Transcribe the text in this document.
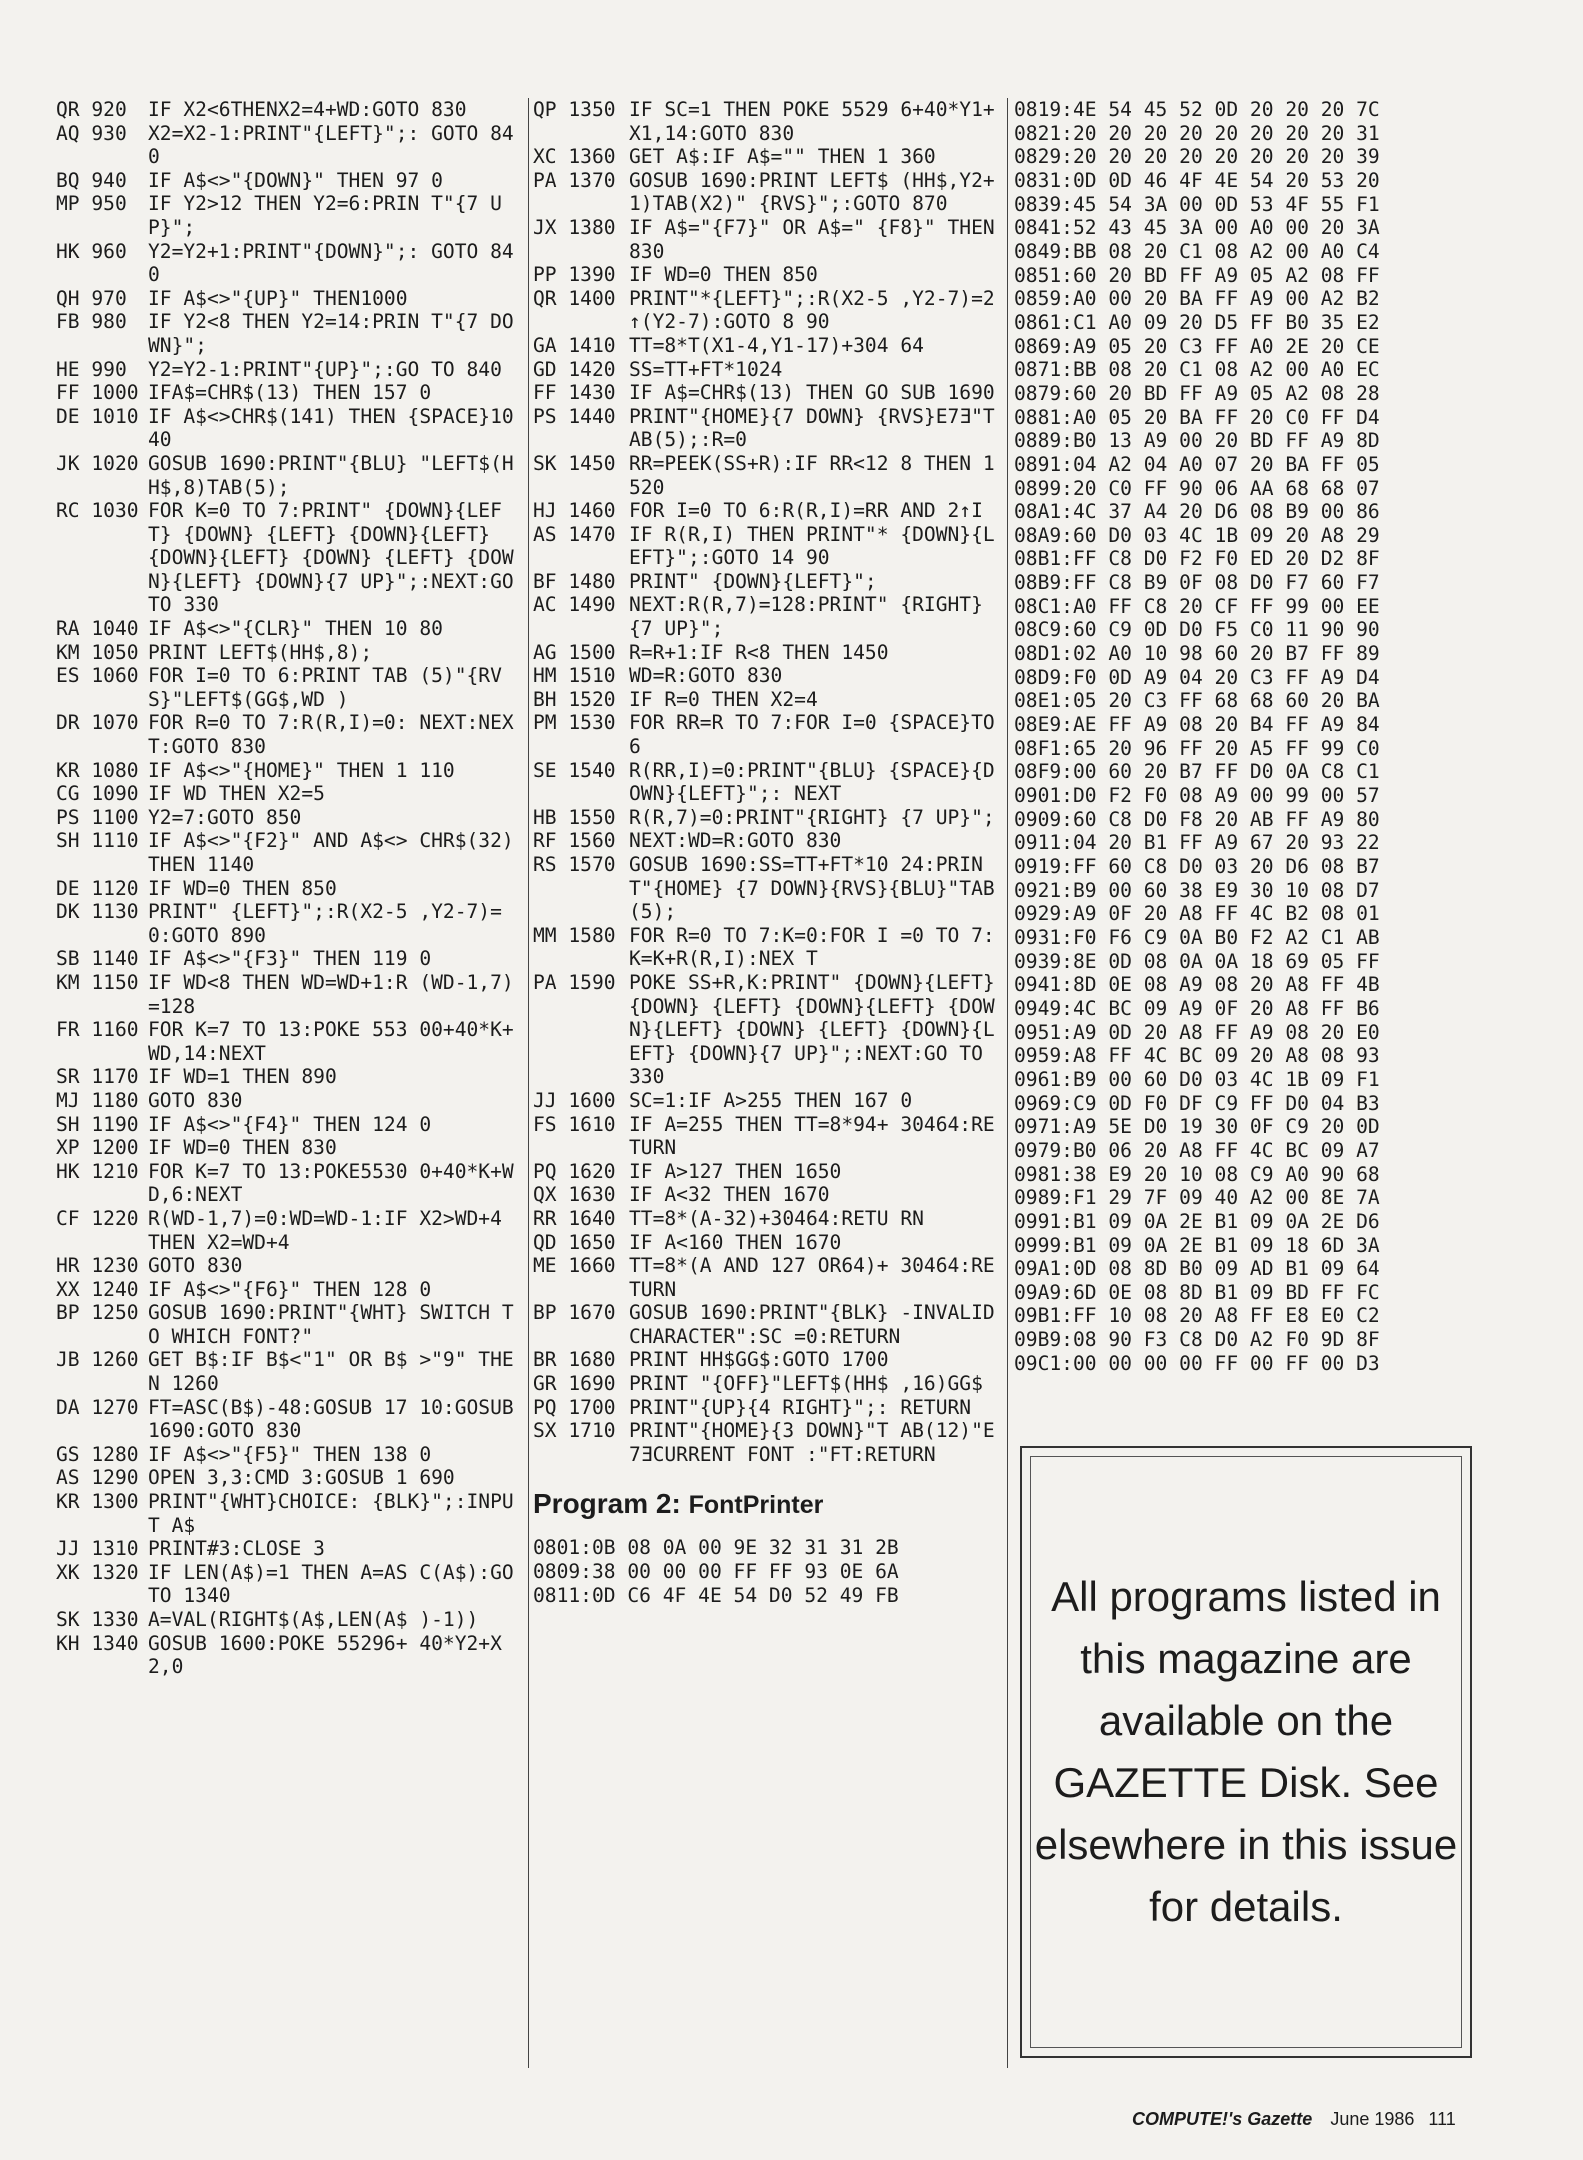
QR 920	IF X2<6THENX2=4+WD:GOTO 830
AQ 930	X2=X2-1:PRINT"{LEFT}";: GOTO 840
BQ 940	IF A$<>"{DOWN}" THEN 97 0
MP 950	IF Y2>12 THEN Y2=6:PRIN T"{7 UP}";
HK 960	Y2=Y2+1:PRINT"{DOWN}";: GOTO 840
QH 970	IF A$<>"{UP}" THEN1000
FB 980	IF Y2<8 THEN Y2=14:PRIN T"{7 DOWN}";
HE 990	Y2=Y2-1:PRINT"{UP}";:GO TO 840
FF 1000 IFA$=CHR$(13) THEN 157 0
DE 1010 IF A$<>CHR$(141) THEN {SPACE}1040
JK 1020 GOSUB 1690:PRINT"{BLU} "LEFT$(HH$,8)TAB(5);
RC 1030 FOR K=0 TO 7:PRINT" {DOWN}{LEFT} {DOWN} {LEFT} {DOWN}{LEFT} {DOWN}{LEFT} {DOWN} {LEFT} {DOWN}{LEFT} {DOWN}{7 UP}";:NEXT:GO TO 330
RA 1040 IF A$<>"{CLR}" THEN 10 80
KM 1050 PRINT LEFT$(HH$,8);
ES 1060 FOR I=0 TO 6:PRINT TAB (5)"{RVS}"LEFT$(GG$,WD )
DR 1070 FOR R=0 TO 7:R(R,I)=0: NEXT:NEXT:GOTO 830
KR 1080 IF A$<>"{HOME}" THEN 1 110
CG 1090 IF WD THEN X2=5
PS 1100 Y2=7:GOTO 850
SH 1110 IF A$<>"{F2}" AND A$<> CHR$(32) THEN 1140
DE 1120 IF WD=0 THEN 850
DK 1130 PRINT" {LEFT}";:R(X2-5 ,Y2-7)=0:GOTO 890
SB 1140 IF A$<>"{F3}" THEN 119 0
KM 1150 IF WD<8 THEN WD=WD+1:R (WD-1,7)=128
FR 1160 FOR K=7 TO 13:POKE 553 00+40*K+WD,14:NEXT
SR 1170 IF WD=1 THEN 890
MJ 1180 GOTO 830
SH 1190 IF A$<>"{F4}" THEN 124 0
XP 1200 IF WD=0 THEN 830
HK 1210 FOR K=7 TO 13:POKE5530 0+40*K+WD,6:NEXT
CF 1220 R(WD-1,7)=0:WD=WD-1:IF X2>WD+4 THEN X2=WD+4
HR 1230 GOTO 830
XX 1240 IF A$<>"{F6}" THEN 128 0
BP 1250 GOSUB 1690:PRINT"{WHT} SWITCH TO WHICH FONT?"
JB 1260 GET B$:IF B$<"1" OR B$ >"9" THEN 1260
DA 1270 FT=ASC(B$)-48:GOSUB 17 10:GOSUB 1690:GOTO 830
GS 1280 IF A$<>"{F5}" THEN 138 0
AS 1290 OPEN 3,3:CMD 3:GOSUB 1 690
KR 1300 PRINT"{WHT}CHOICE: {BLK}";:INPUT A$
JJ 1310 PRINT#3:CLOSE 3
XK 1320 IF LEN(A$)=1 THEN A=AS C(A$):GOTO 1340
SK 1330 A=VAL(RIGHT$(A$,LEN(A$ )-1))
KH 1340 GOSUB 1600:POKE 55296+ 40*Y2+X2,0
QP 1350 IF SC=1 THEN POKE 5529 6+40*Y1+X1,14:GOTO 830
XC 1360 GET A$:IF A$="" THEN 1 360
PA 1370 GOSUB 1690:PRINT LEFT$ (HH$,Y2+1)TAB(X2)" {RVS}";:GOTO 870
JX 1380 IF A$="{F7}" OR A$=" {F8}" THEN 830
PP 1390 IF WD=0 THEN 850
QR 1400 PRINT"*{LEFT}";:R(X2-5 ,Y2-7)=2↑(Y2-7):GOTO 8 90
GA 1410 TT=8*T(X1-4,Y1-17)+304 64
GD 1420 SS=TT+FT*1024
FF 1430 IF A$=CHR$(13) THEN GO SUB 1690
PS 1440 PRINT"{HOME}{7 DOWN} {RVS}E7Ǝ"TAB(5);:R=0
SK 1450 RR=PEEK(SS+R):IF RR<12 8 THEN 1520
HJ 1460 FOR I=0 TO 6:R(R,I)=RR AND 2↑I
AS 1470 IF R(R,I) THEN PRINT"* {DOWN}{LEFT}";:GOTO 14 90
BF 1480 PRINT" {DOWN}{LEFT}";
AC 1490 NEXT:R(R,7)=128:PRINT" {RIGHT}{7 UP}";
AG 1500 R=R+1:IF R<8 THEN 1450
HM 1510 WD=R:GOTO 830
BH 1520 IF R=0 THEN X2=4
PM 1530 FOR RR=R TO 7:FOR I=0 {SPACE}TO 6
SE 1540 R(RR,I)=0:PRINT"{BLU} {SPACE}{DOWN}{LEFT}";: NEXT
HB 1550 R(R,7)=0:PRINT"{RIGHT} {7 UP}";
RF 1560 NEXT:WD=R:GOTO 830
RS 1570 GOSUB 1690:SS=TT+FT*10 24:PRINT"{HOME} {7 DOWN}{RVS}{BLU}"TAB (5);
MM 1580 FOR R=0 TO 7:K=0:FOR I =0 TO 7:K=K+R(R,I):NEX T
PA 1590 POKE SS+R,K:PRINT" {DOWN}{LEFT} {DOWN} {LEFT} {DOWN}{LEFT} {DOWN}{LEFT} {DOWN} {LEFT} {DOWN}{LEFT} {DOWN}{7 UP}";:NEXT:GO TO 330
JJ 1600 SC=1:IF A>255 THEN 167 0
FS 1610 IF A=255 THEN TT=8*94+ 30464:RETURN
PQ 1620 IF A>127 THEN 1650
QX 1630 IF A<32 THEN 1670
RR 1640 TT=8*(A-32)+30464:RETU RN
QD 1650 IF A<160 THEN 1670
ME 1660 TT=8*(A AND 127 OR64)+ 30464:RETURN
BP 1670 GOSUB 1690:PRINT"{BLK} -INVALID CHARACTER":SC =0:RETURN
BR 1680 PRINT HH$GG$:GOTO 1700
GR 1690 PRINT "{OFF}"LEFT$(HH$ ,16)GG$
PQ 1700 PRINT"{UP}{4 RIGHT}";: RETURN
SX 1710 PRINT"{HOME}{3 DOWN}"T AB(12)"E7ƎCURRENT FONT :"FT:RETURN
Program 2: FontPrinter
0801:0B 08 0A 00 9E 32 31 31 2B
0809:38 00 00 00 FF FF 93 0E 6A
0811:0D C6 4F 4E 54 D0 52 49 FB
0819:4E 54 45 52 0D 20 20 20 7C
0821:20 20 20 20 20 20 20 20 31
0829:20 20 20 20 20 20 20 20 39
0831:0D 0D 46 4F 4E 54 20 53 20
0839:45 54 3A 00 0D 53 4F 55 F1
0841:52 43 45 3A 00 A0 00 20 3A
0849:BB 08 20 C1 08 A2 00 A0 C4
0851:60 20 BD FF A9 05 A2 08 FF
0859:A0 00 20 BA FF A9 00 A2 B2
0861:C1 A0 09 20 D5 FF B0 35 E2
0869:A9 05 20 C3 FF A0 2E 20 CE
0871:BB 08 20 C1 08 A2 00 A0 EC
0879:60 20 BD FF A9 05 A2 08 28
0881:A0 05 20 BA FF 20 C0 FF D4
0889:B0 13 A9 00 20 BD FF A9 8D
0891:04 A2 04 A0 07 20 BA FF 05
0899:20 C0 FF 90 06 AA 68 68 07
08A1:4C 37 A4 20 D6 08 B9 00 86
08A9:60 D0 03 4C 1B 09 20 A8 29
08B1:FF C8 D0 F2 F0 ED 20 D2 8F
08B9:FF C8 B9 0F 08 D0 F7 60 F7
08C1:A0 FF C8 20 CF FF 99 00 EE
08C9:60 C9 0D D0 F5 C0 11 90 90
08D1:02 A0 10 98 60 20 B7 FF 89
08D9:F0 0D A9 04 20 C3 FF A9 D4
08E1:05 20 C3 FF 68 68 60 20 BA
08E9:AE FF A9 08 20 B4 FF A9 84
08F1:65 20 96 FF 20 A5 FF 99 C0
08F9:00 60 20 B7 FF D0 0A C8 C1
0901:D0 F2 F0 08 A9 00 99 00 57
0909:60 C8 D0 F8 20 AB FF A9 80
0911:04 20 B1 FF A9 67 20 93 22
0919:FF 60 C8 D0 03 20 D6 08 B7
0921:B9 00 60 38 E9 30 10 08 D7
0929:A9 0F 20 A8 FF 4C B2 08 01
0931:F0 F6 C9 0A B0 F2 A2 C1 AB
0939:8E 0D 08 0A 0A 18 69 05 FF
0941:8D 0E 08 A9 08 20 A8 FF 4B
0949:4C BC 09 A9 0F 20 A8 FF B6
0951:A9 0D 20 A8 FF A9 08 20 E0
0959:A8 FF 4C BC 09 20 A8 08 93
0961:B9 00 60 D0 03 4C 1B 09 F1
0969:C9 0D F0 DF C9 FF D0 04 B3
0971:A9 5E D0 19 30 0F C9 20 0D
0979:B0 06 20 A8 FF 4C BC 09 A7
0981:38 E9 20 10 08 C9 A0 90 68
0989:F1 29 7F 09 40 A2 00 8E 7A
0991:B1 09 0A 2E B1 09 0A 2E D6
0999:B1 09 0A 2E B1 09 18 6D 3A
09A1:0D 08 8D B0 09 AD B1 09 64
09A9:6D 0E 08 8D B1 09 BD FF FC
09B1:FF 10 08 20 A8 FF E8 E0 C2
09B9:08 90 F3 C8 D0 A2 F0 9D 8F
09C1:00 00 00 00 FF 00 FF 00 D3
All programs listed in this magazine are available on the GAZETTE Disk. See elsewhere in this issue for details.
COMPUTE!'s Gazette June 1986 111
